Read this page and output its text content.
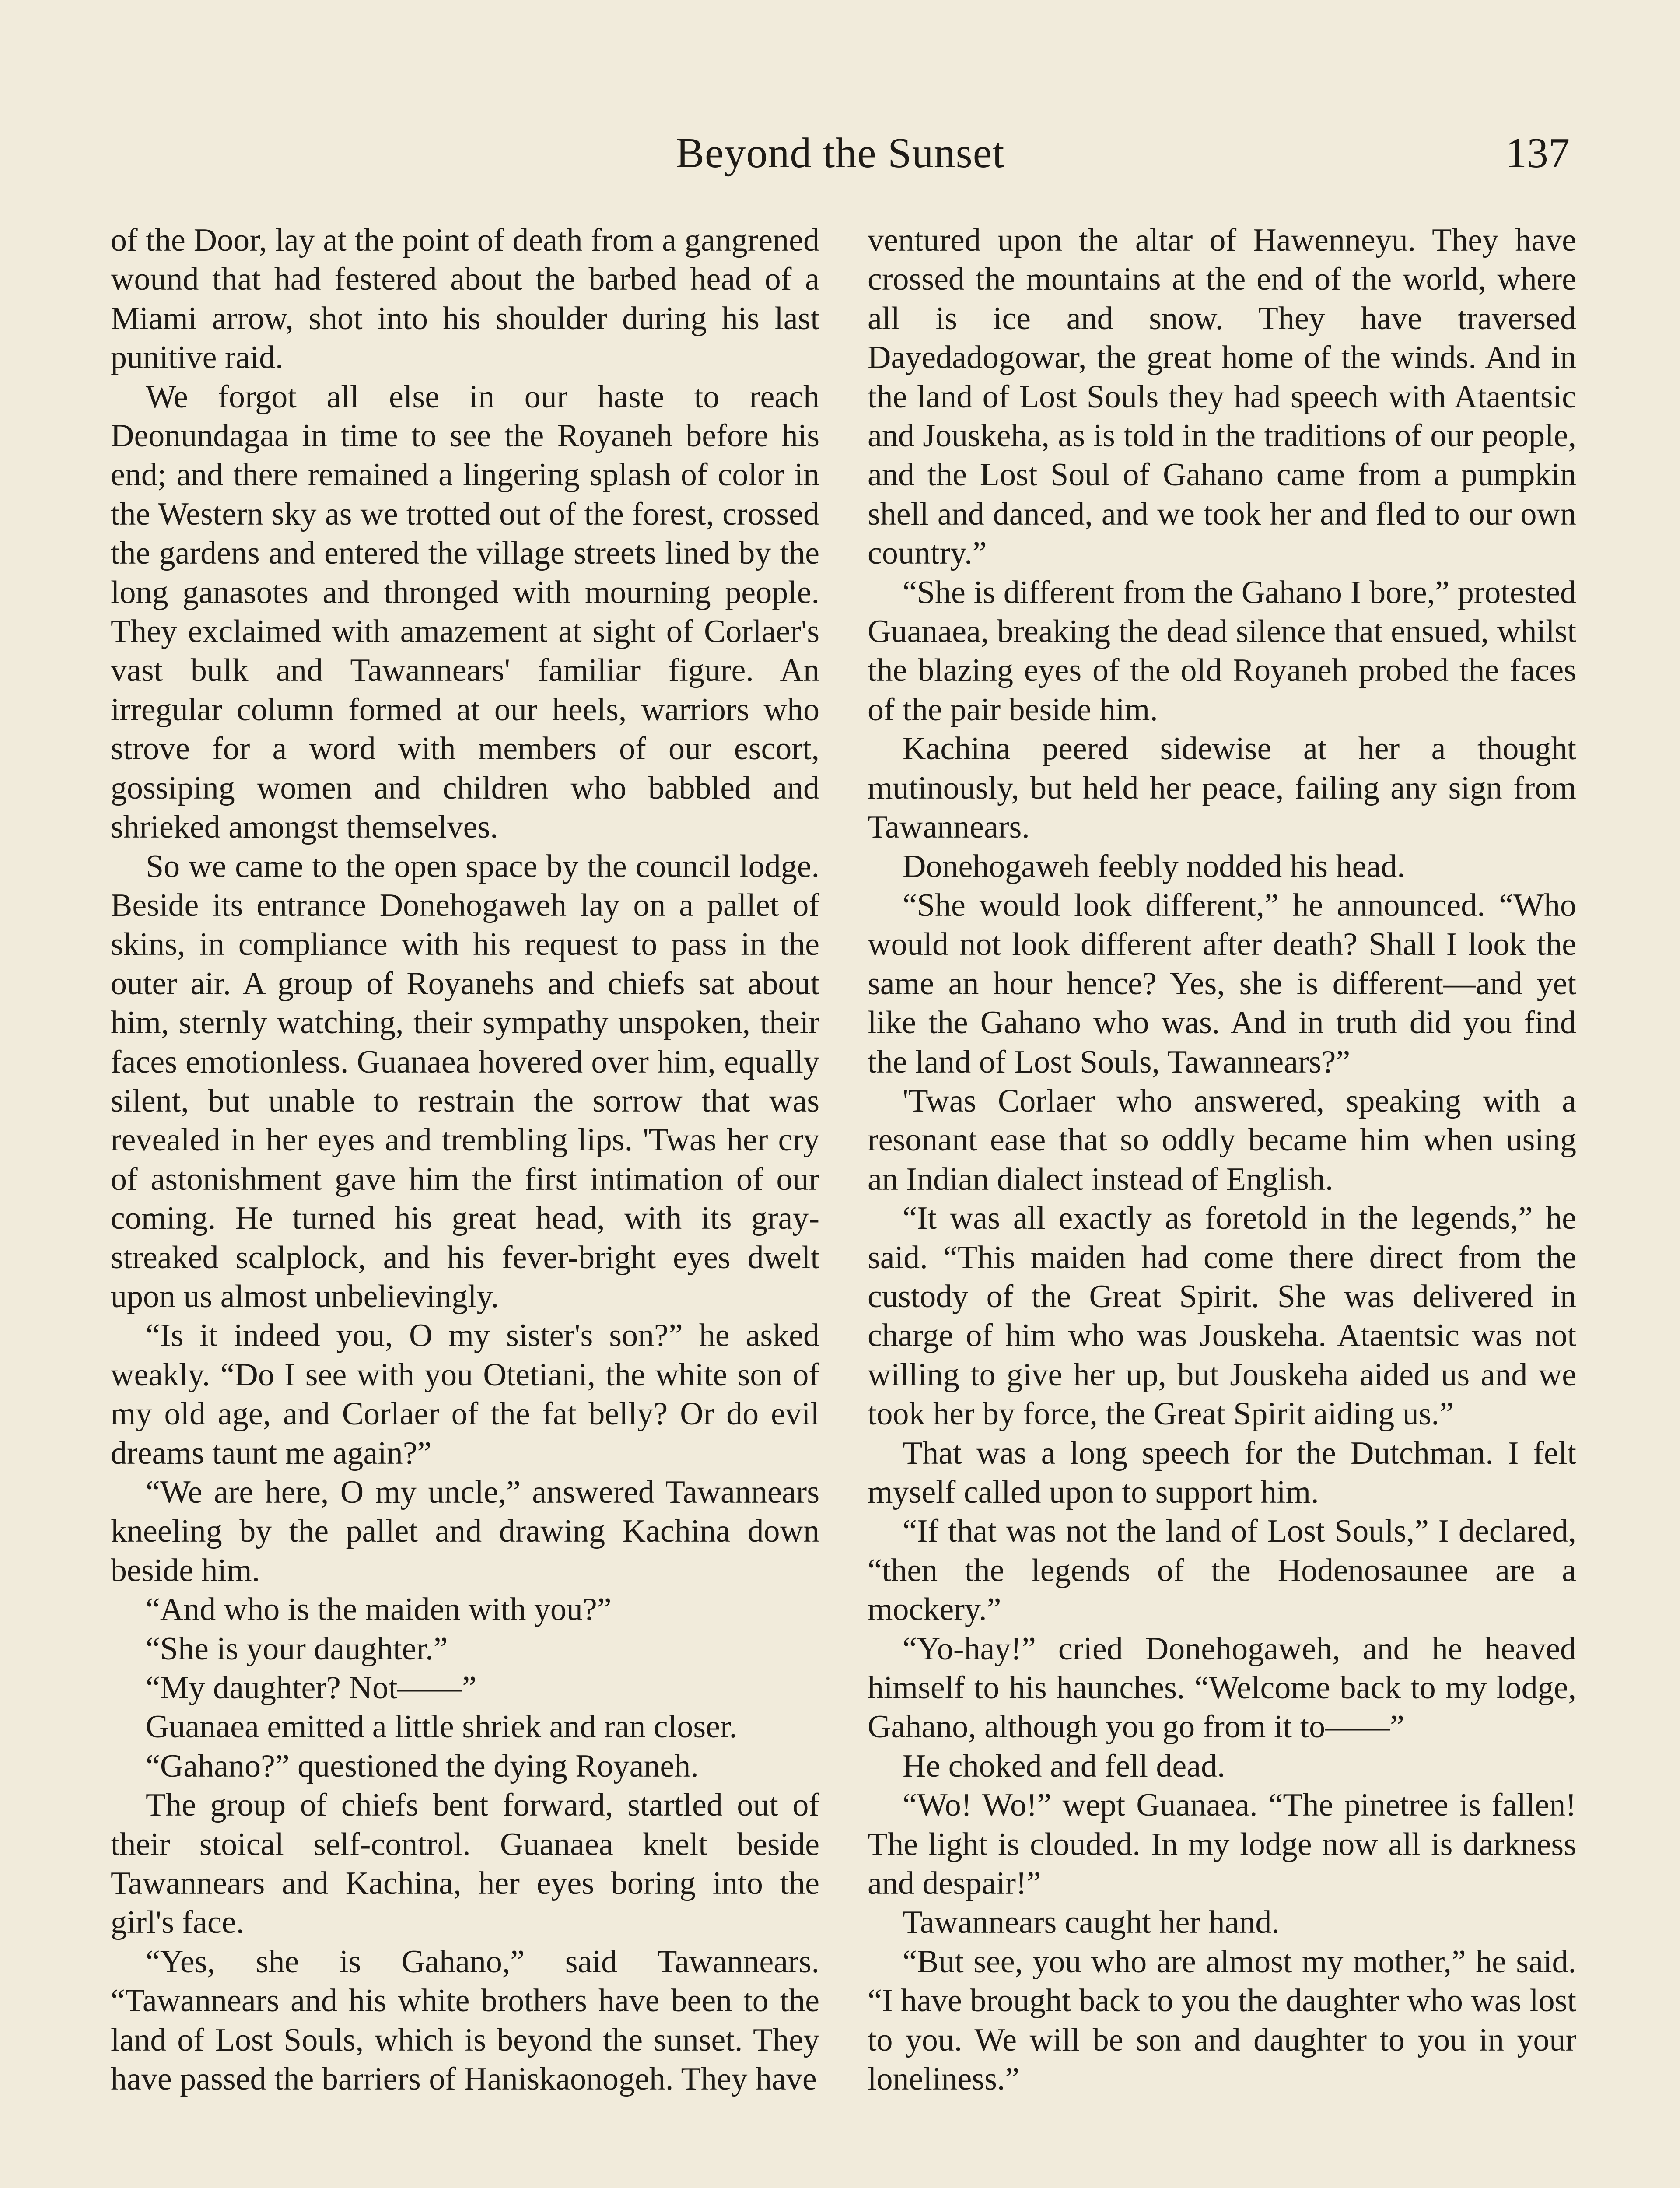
Beyond the Sunset	137

of the Door, lay at the point of death from a gangrened wound that had festered about the barbed head of a Miami arrow, shot into his shoulder during his last punitive raid.

We forgot all else in our haste to reach Deonundagaa in time to see the Royaneh before his end; and there remained a lingering splash of color in the Western sky as we trotted out of the forest, crossed the gardens and entered the village streets lined by the long ganasotes and thronged with mourning people. They exclaimed with amazement at sight of Corlaer's vast bulk and Tawannears' familiar figure. An irregular column formed at our heels, warriors who strove for a word with members of our escort, gossiping women and children who babbled and shrieked amongst themselves.

So we came to the open space by the council lodge. Beside its entrance Donehogaweh lay on a pallet of skins, in compliance with his request to pass in the outer air. A group of Royanehs and chiefs sat about him, sternly watching, their sympathy unspoken, their faces emotionless. Guanaea hovered over him, equally silent, but unable to restrain the sorrow that was revealed in her eyes and trembling lips. 'Twas her cry of astonishment gave him the first intimation of our coming. He turned his great head, with its gray-streaked scalplock, and his fever-bright eyes dwelt upon us almost unbelievingly.

“Is it indeed you, O my sister's son?” he asked weakly. “Do I see with you Otetiani, the white son of my old age, and Corlaer of the fat belly? Or do evil dreams taunt me again?”

“We are here, O my uncle,” answered Tawannears kneeling by the pallet and drawing Kachina down beside him.

“And who is the maiden with you?”

“She is your daughter.”

“My daughter? Not——”

Guanaea emitted a little shriek and ran closer.

“Gahano?” questioned the dying Royaneh.

The group of chiefs bent forward, startled out of their stoical self-control. Guanaea knelt beside Tawannears and Kachina, her eyes boring into the girl's face.

“Yes, she is Gahano,” said Tawannears. “Tawannears and his white brothers have been to the land of Lost Souls, which is beyond the sunset. They have passed the barriers of Haniskaonogeh. They have

ventured upon the altar of Hawenneyu. They have crossed the mountains at the end of the world, where all is ice and snow. They have traversed Dayedadogowar, the great home of the winds. And in the land of Lost Souls they had speech with Ataentsic and Jouskeha, as is told in the traditions of our people, and the Lost Soul of Gahano came from a pumpkin shell and danced, and we took her and fled to our own country.”

“She is different from the Gahano I bore,” protested Guanaea, breaking the dead silence that ensued, whilst the blazing eyes of the old Royaneh probed the faces of the pair beside him.

Kachina peered sidewise at her a thought mutinously, but held her peace, failing any sign from Tawannears.

Donehogaweh feebly nodded his head.

“She would look different,” he announced. “Who would not look different after death? Shall I look the same an hour hence? Yes, she is different—and yet like the Gahano who was. And in truth did you find the land of Lost Souls, Tawannears?”

'Twas Corlaer who answered, speaking with a resonant ease that so oddly became him when using an Indian dialect instead of English.

“It was all exactly as foretold in the legends,” he said. “This maiden had come there direct from the custody of the Great Spirit. She was delivered in charge of him who was Jouskeha. Ataentsic was not willing to give her up, but Jouskeha aided us and we took her by force, the Great Spirit aiding us.”

That was a long speech for the Dutchman. I felt myself called upon to support him.

“If that was not the land of Lost Souls,” I declared, “then the legends of the Hodenosaunee are a mockery.”

“Yo-hay!” cried Donehogaweh, and he heaved himself to his haunches. “Welcome back to my lodge, Gahano, although you go from it to——”

He choked and fell dead.

“Wo! Wo!” wept Guanaea. “The pinetree is fallen! The light is clouded. In my lodge now all is darkness and despair!”

Tawannears caught her hand.

“But see, you who are almost my mother,” he said. “I have brought back to you the daughter who was lost to you. We will be son and daughter to you in your loneliness.”
